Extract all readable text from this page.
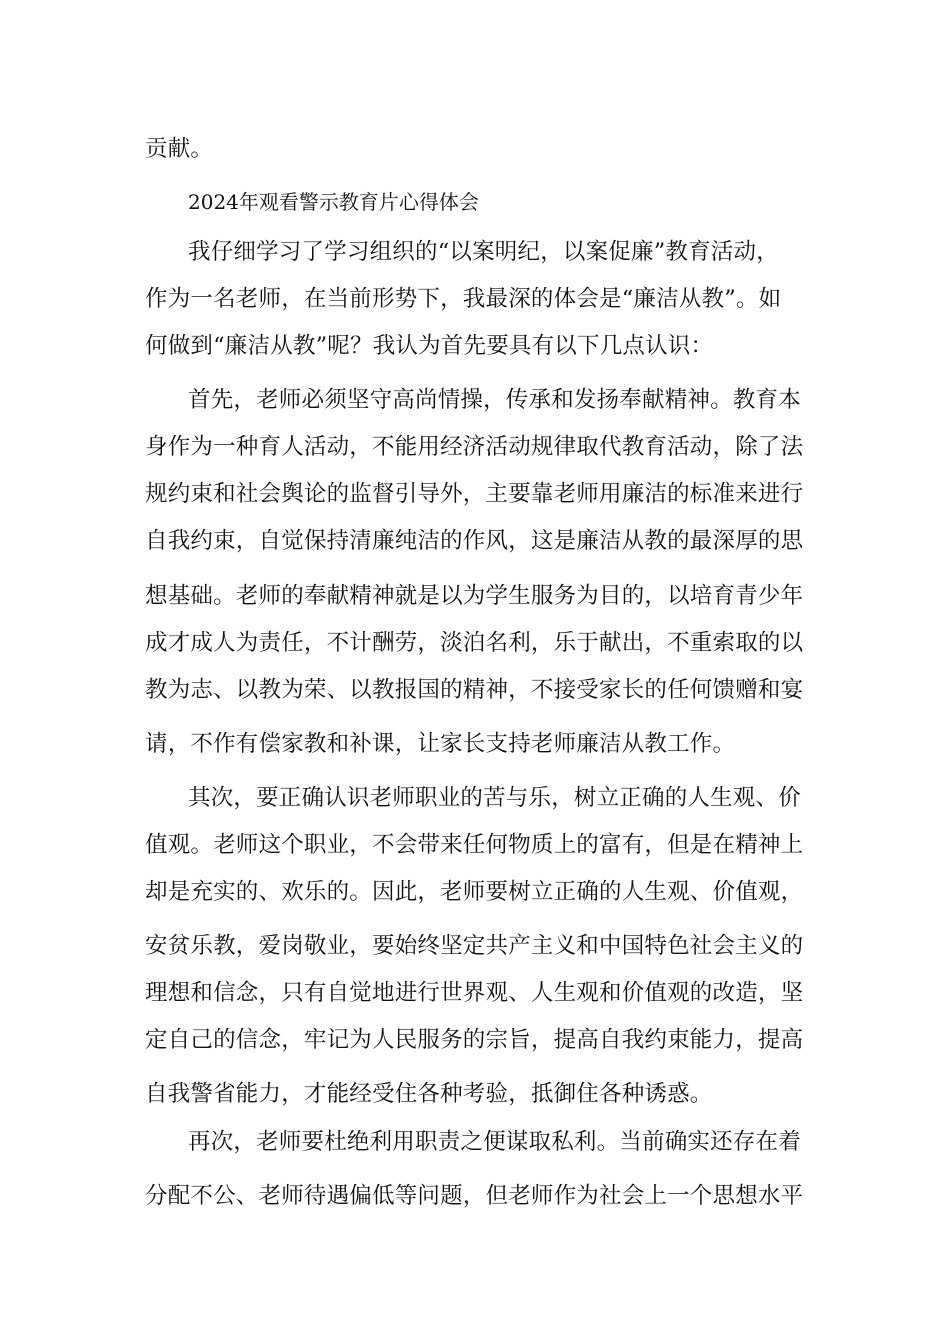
贡献。
2024年观看警示教育片心得体会
我仔细学习了学习组织的“以案明纪，以案促廉”教育活动，
作为一名老师，在当前形势下，我最深的体会是“廉洁从教”。如
何做到“廉洁从教”呢？我认为首先要具有以下几点认识：
首先，老师必须坚守高尚情操，传承和发扬奉献精神。教育本
身作为一种育人活动，不能用经济活动规律取代教育活动，除了法
规约束和社会舆论的监督引导外，主要靠老师用廉洁的标准来进行
自我约束，自觉保持清廉纯洁的作风，这是廉洁从教的最深厚的思
想基础。老师的奉献精神就是以为学生服务为目的，以培育青少年
成才成人为责任，不计酬劳，淡泊名利，乐于献出，不重索取的以
教为志、以教为荣、以教报国的精神，不接受家长的任何馈赠和宴
请，不作有偿家教和补课，让家长支持老师廉洁从教工作。
其次，要正确认识老师职业的苦与乐，树立正确的人生观、价
值观。老师这个职业，不会带来任何物质上的富有，但是在精神上
却是充实的、欢乐的。因此，老师要树立正确的人生观、价值观，
安贫乐教，爱岗敬业，要始终坚定共产主义和中国特色社会主义的
理想和信念，只有自觉地进行世界观、人生观和价值观的改造，坚
定自己的信念，牢记为人民服务的宗旨，提高自我约束能力，提高
自我警省能力，才能经受住各种考验，抵御住各种诱惑。
再次，老师要杜绝利用职责之便谋取私利。当前确实还存在着
分配不公、老师待遇偏低等问题，但老师作为社会上一个思想水平
